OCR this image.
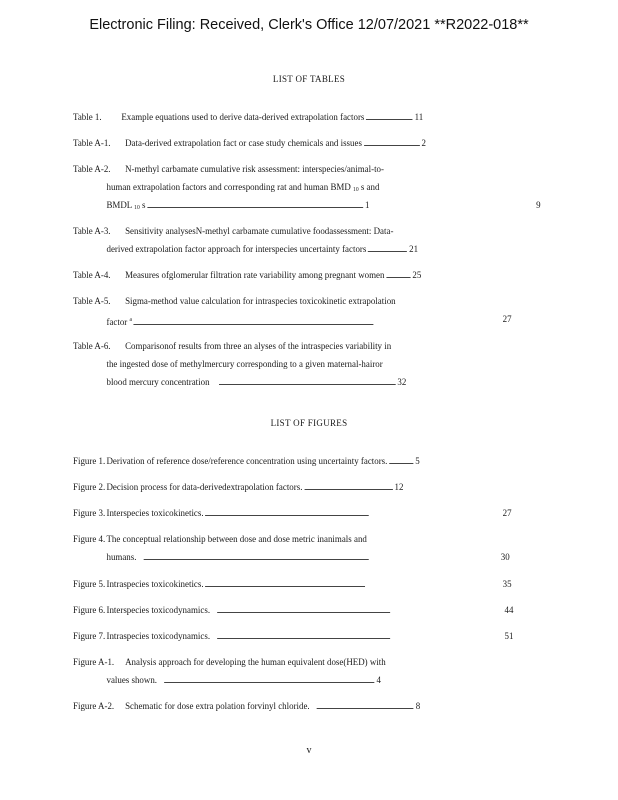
Electronic Filing: Received, Clerk's Office 12/07/2021 **R2022-018**
LIST OF TABLES
Table 1. Example equations used to derive data-derived extrapolation factors	11
Table A-1. Data-derived extrapolation fact or case study chemicals and issues	2
Table A-2. N-methyl carbamate cumulative risk assessment: interspecies/animal-to-
human extrapolation factors and corresponding rat and human BMD 10 s and
BMDL 10 s	1	9
Table A-3. Sensitivity analysesN-methyl carbamate cumulative foodassessment: Data-
derived extrapolation factor approach for interspecies uncertainty factors	21
Table A-4. Measures ofglomerular filtration rate variability among pregnant women	25
Table A-5. Sigma-method value calculation for intraspecies toxicokinetic extrapolation
factor $^a$	27
Table A-6. Comparisonof results from three an alyses of the intraspecies variability in
the ingested dose of methylmercury corresponding to a given maternal-hairor
blood mercury concentration	32
LIST OF FIGURES
Figure 1.Derivation of reference dose/reference concentration using uncertainty factors.	5
Figure 2.Decision process for data-derivedextrapolation factors.	12
Figure 3.Interspecies toxicokinetics.	27
Figure 4.The conceptual relationship between dose and dose metric inanimals and
humans.	30
Figure 5.Intraspecies toxicokinetics.	35
Figure 6.Interspecies toxicodynamics.	44
Figure 7.Intraspecies toxicodynamics.	51
Figure A-1. Analysis approach for developing the human equivalent dose(HED) with
values shown.	4
Figure A-2. Schematic for dose extra polation forvinyl chloride.	8
v
